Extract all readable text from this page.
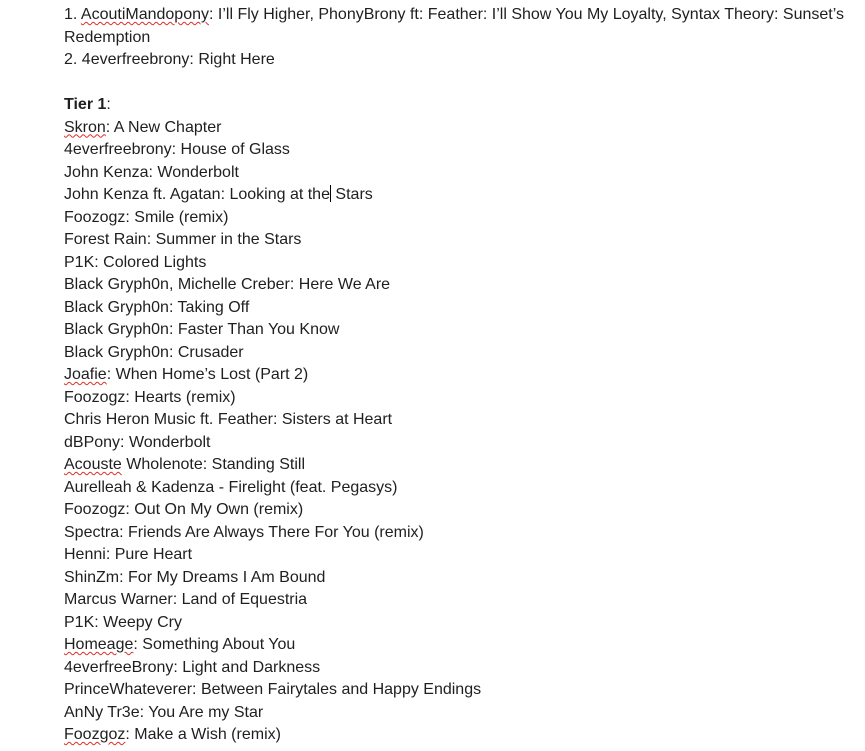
1. AcoutiMandopony: I’ll Fly Higher, PhonyBrony ft: Feather: I’ll Show You My Loyalty, Syntax Theory: Sunset’s Redemption
2. 4everfreebrony: Right Here
Tier 1:
Skron: A New Chapter
4everfreebrony: House of Glass
John Kenza: Wonderbolt
John Kenza ft. Agatan: Looking at the Stars
Foozogz: Smile (remix)
Forest Rain: Summer in the Stars
P1K: Colored Lights
Black Gryph0n, Michelle Creber: Here We Are
Black Gryph0n: Taking Off
Black Gryph0n: Faster Than You Know
Black Gryph0n: Crusader
Joafie: When Home’s Lost (Part 2)
Foozogz: Hearts (remix)
Chris Heron Music ft. Feather: Sisters at Heart
dBPony: Wonderbolt
Acouste Wholenote: Standing Still
Aurelleah & Kadenza - Firelight (feat. Pegasys)
Foozogz: Out On My Own (remix)
Spectra: Friends Are Always There For You (remix)
Henni: Pure Heart
ShinZm: For My Dreams I Am Bound
Marcus Warner: Land of Equestria
P1K: Weepy Cry
Homeage: Something About You
4everfreeBrony: Light and Darkness
PrinceWhateverer: Between Fairytales and Happy Endings
AnNy Tr3e: You Are my Star
Foozgoz: Make a Wish (remix)
